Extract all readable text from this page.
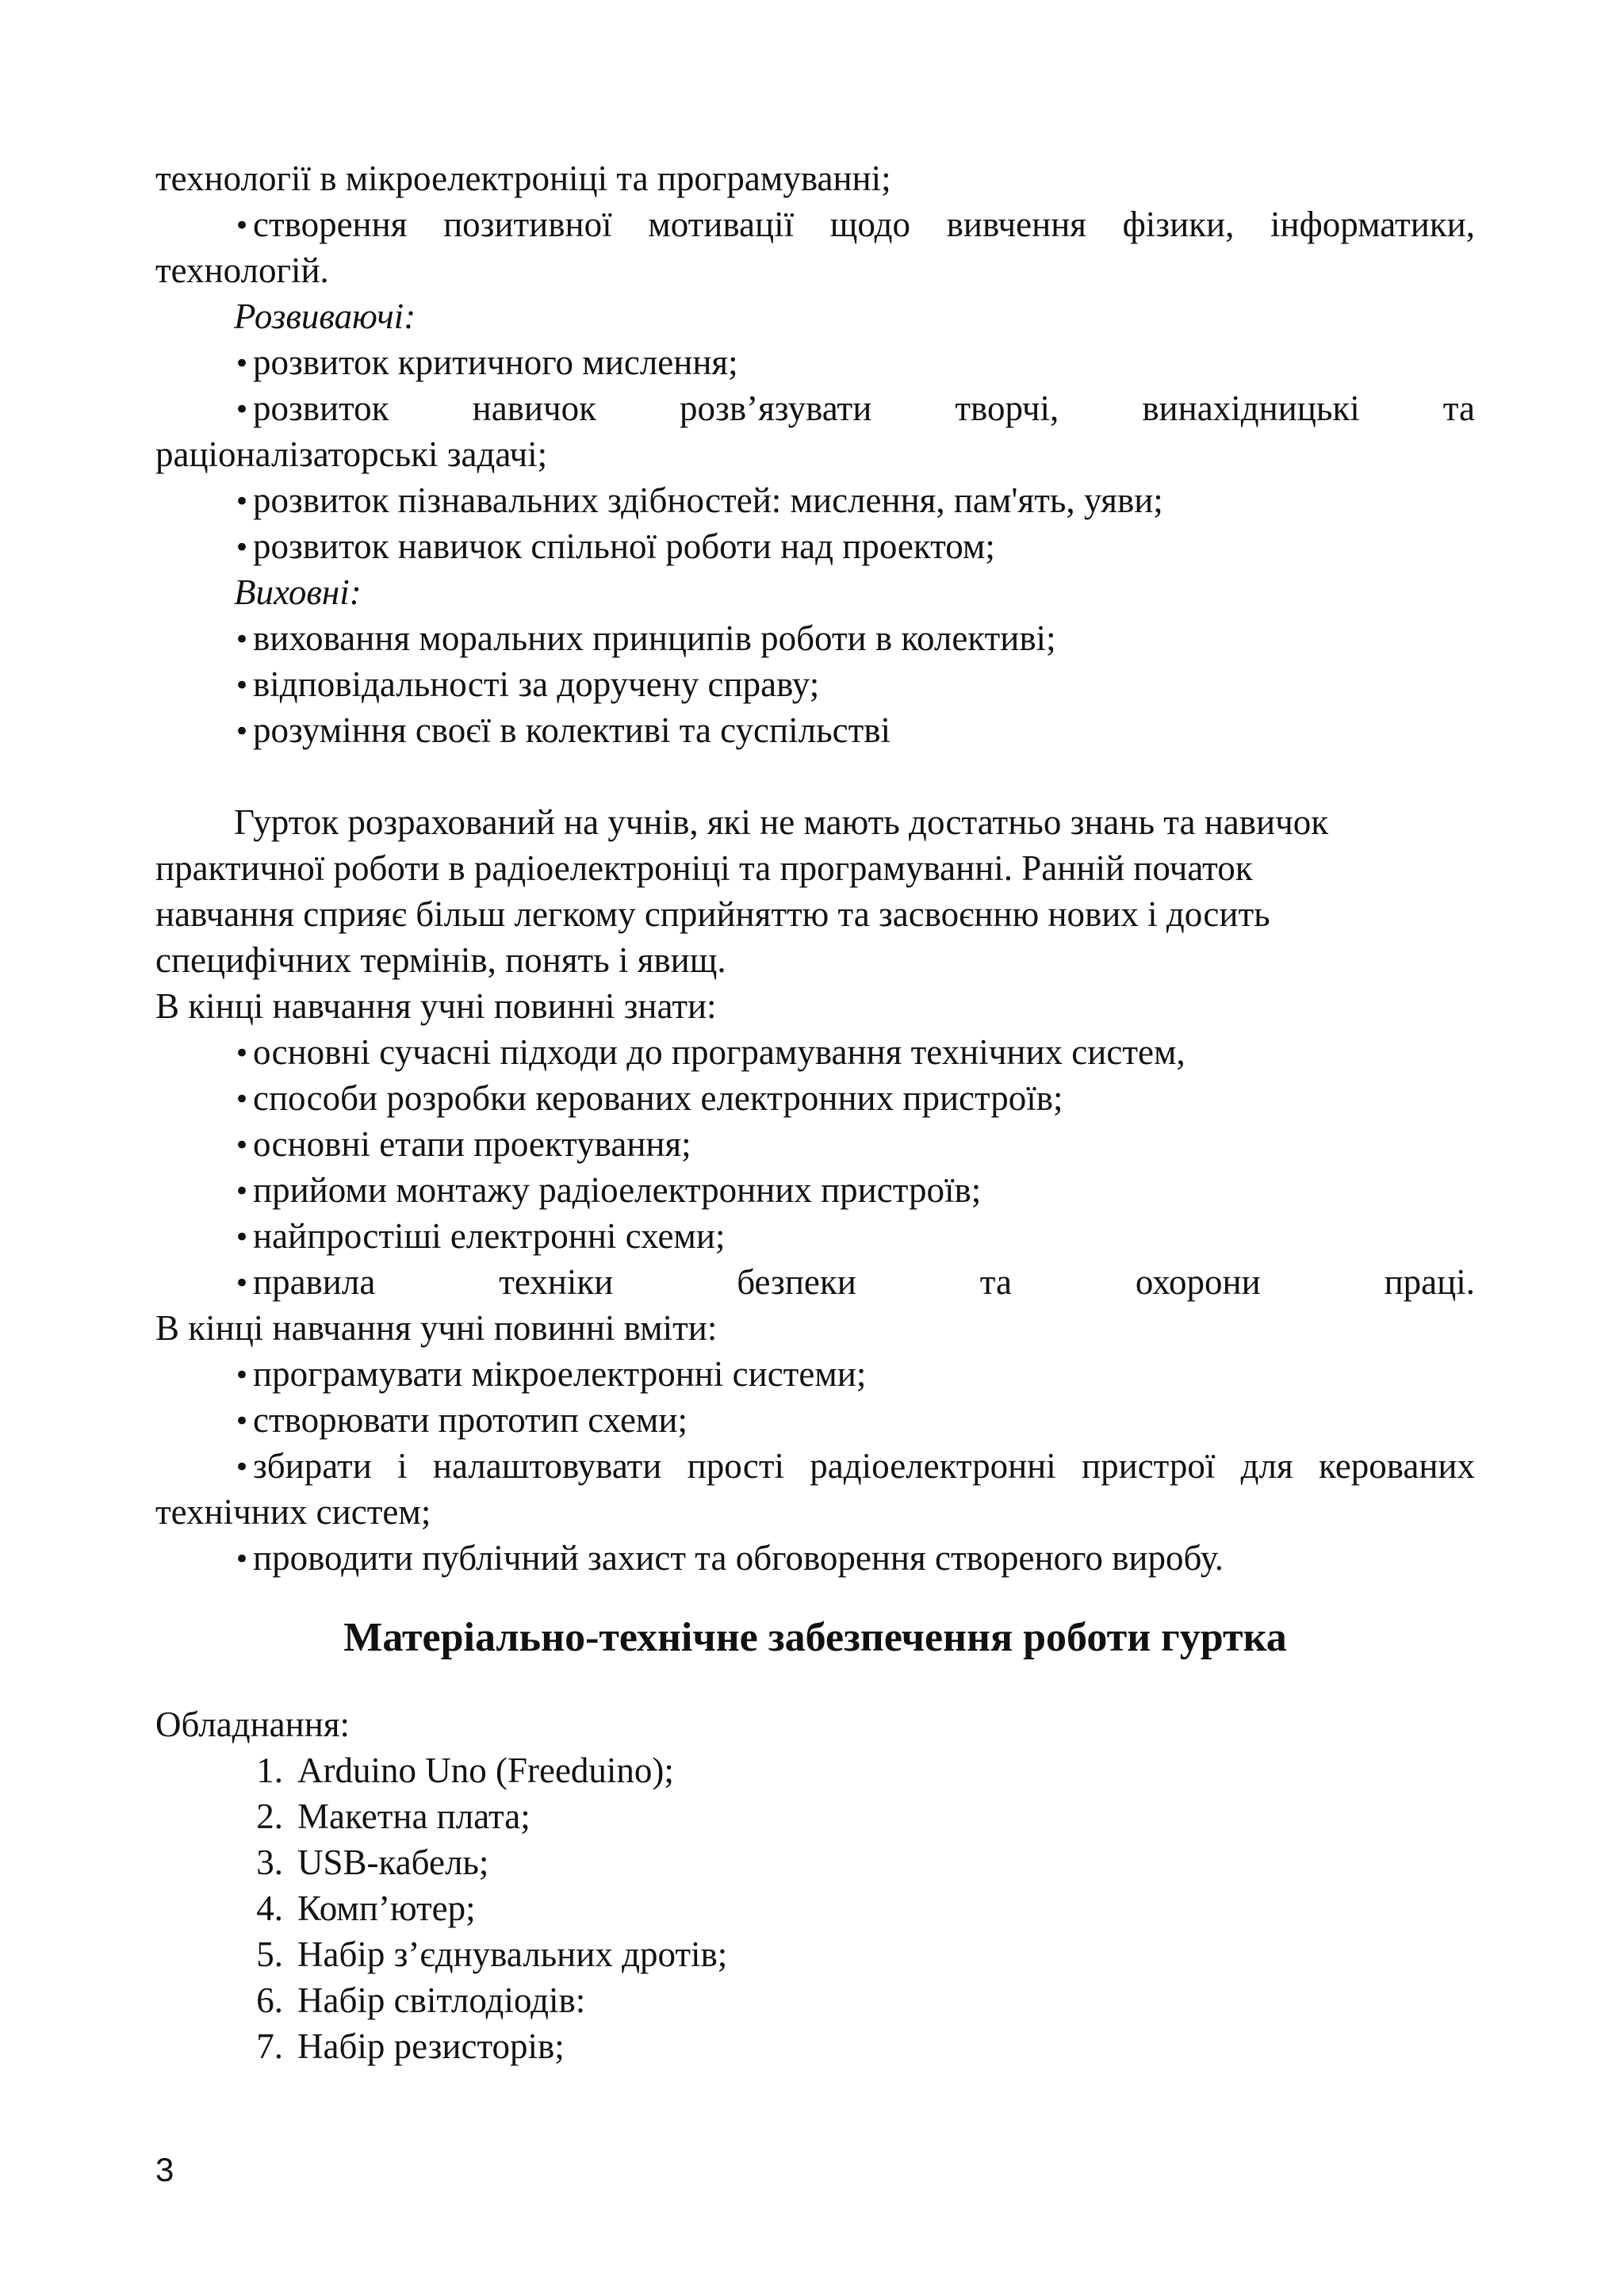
технології в мікроелектроніці та програмуванні;
•створення позитивної мотивації щодо вивчення фізики, інформатики,
технологій.
Розвиваючі:
•розвиток критичного мислення;
•розвиток навичок розв’язувати творчі, винахідницькі та
раціоналізаторські задачі;
•розвиток пізнавальних здібностей: мислення, пам'ять, уяви;
•розвиток навичок спільної роботи над проектом;
Виховні:
•виховання моральних принципів роботи в колективі;
•відповідальності за доручену справу;
•розуміння своєї в колективі та суспільстві
Гурток розрахований на учнів, які не мають достатньо знань та навичок
практичної роботи в радіоелектроніці та програмуванні. Ранній початок
навчання сприяє більш легкому сприйняттю та засвоєнню нових і досить
специфічних термінів, понять і явищ.
В кінці навчання учні повинні знати:
•основні сучасні підходи до програмування технічних систем,
•способи розробки керованих електронних пристроїв;
•основні етапи проектування;
•прийоми монтажу радіоелектронних пристроїв;
•найпростіші електронні схеми;
•правила техніки безпеки та охорони праці.
В кінці навчання учні повинні вміти:
•програмувати мікроелектронні системи;
•створювати прототип схеми;
•збирати і налаштовувати прості радіоелектронні пристрої для керованих
технічних систем;
•проводити публічний захист та обговорення створеного виробу.
Матеріально-технічне забезпечення роботи гуртка
Обладнання:
1. Arduino Uno (Freeduino);
2. Макетна плата;
3. USB-кабель;
4. Комп’ютер;
5. Набір з’єднувальних дротів;
6. Набір світлодіодів:
7. Набір резисторів;
3
